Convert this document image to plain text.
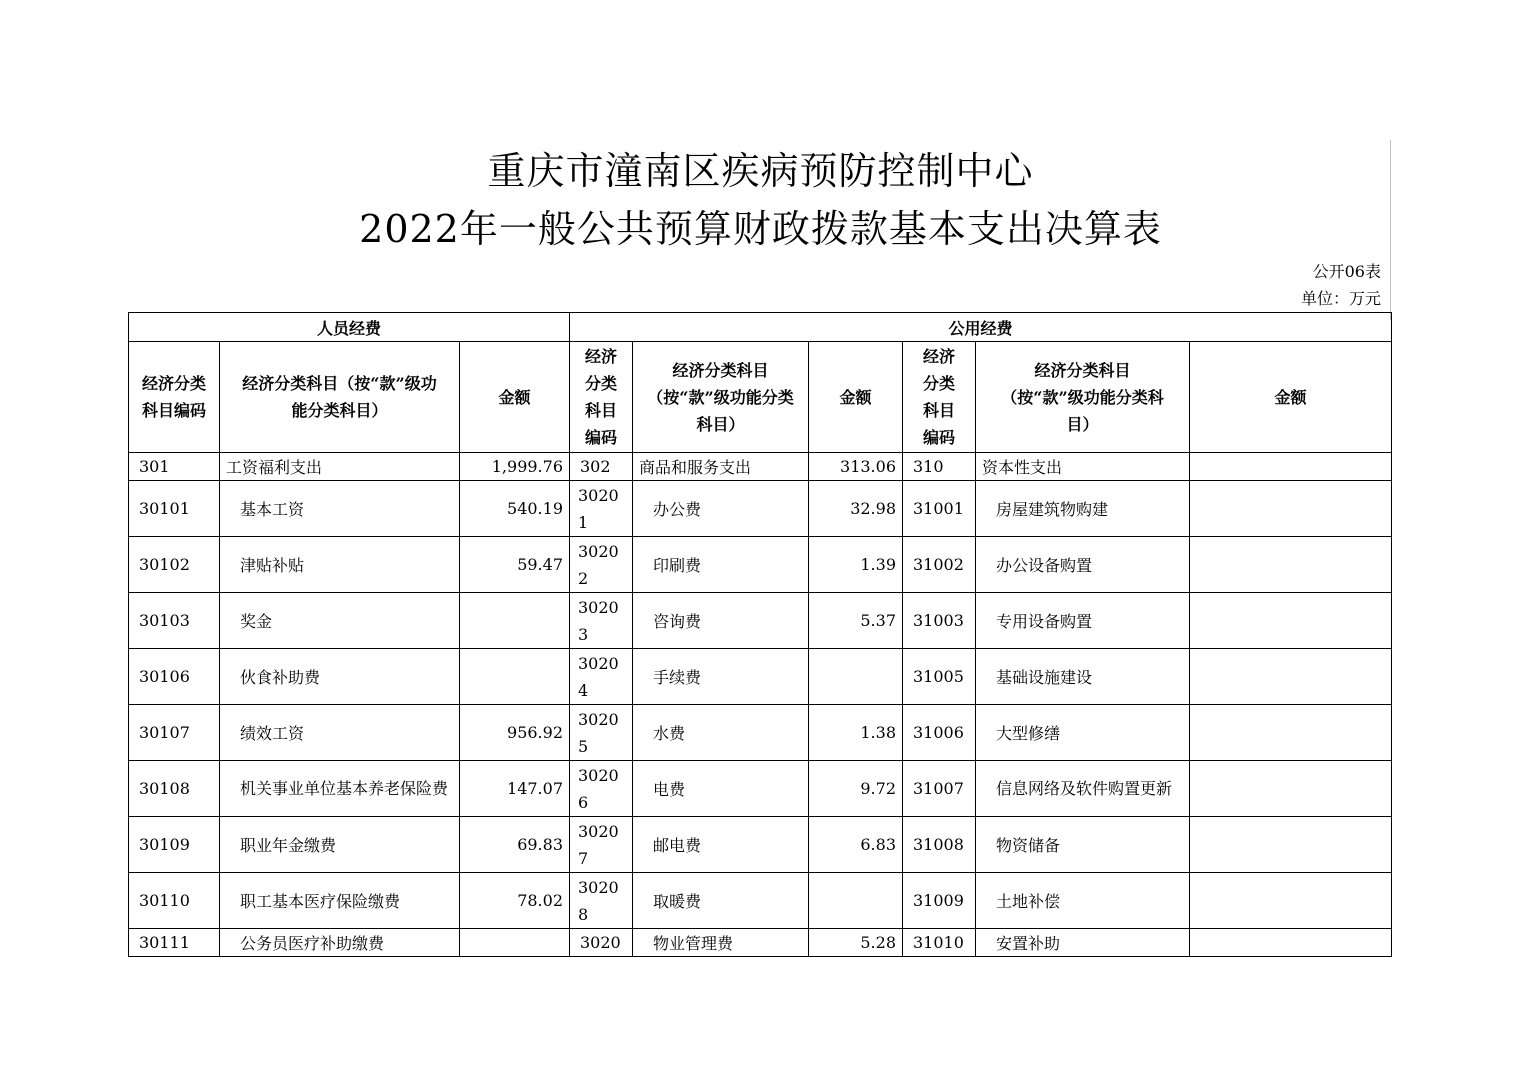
重庆市潼南区疾病预防控制中心
2022年一般公共预算财政拨款基本支出决算表
公开06表
单位：万元
人员经费			公用经费					
经济分类科目编码	经济分类科目（按“款”级功能分类科目）	金额	经济分类科目编码	经济分类科目（按“款”级功能分类科目）	金额	经济分类科目编码	经济分类科目（按“款”级功能分类科目）	金额
301	工资福利支出	1,999.76	302	商品和服务支出	313.06	310	资本性支出	
30101	基本工资	540.19	30201	办公费	32.98	31001	房屋建筑物购建	
30102	津贴补贴	59.47	30202	印刷费	1.39	31002	办公设备购置	
30103	奖金		30203	咨询费	5.37	31003	专用设备购置	
30106	伙食补助费		30204	手续费		31005	基础设施建设	
30107	绩效工资	956.92	30205	水费	1.38	31006	大型修缮	
30108	机关事业单位基本养老保险费	147.07	30206	电费	9.72	31007	信息网络及软件购置更新	
30109	职业年金缴费	69.83	30207	邮电费	6.83	31008	物资储备	
30110	职工基本医疗保险缴费	78.02	30208	取暖费		31009	土地补偿	
30111	公务员医疗补助缴费		3020	物业管理费	5.28	31010	安置补助	
